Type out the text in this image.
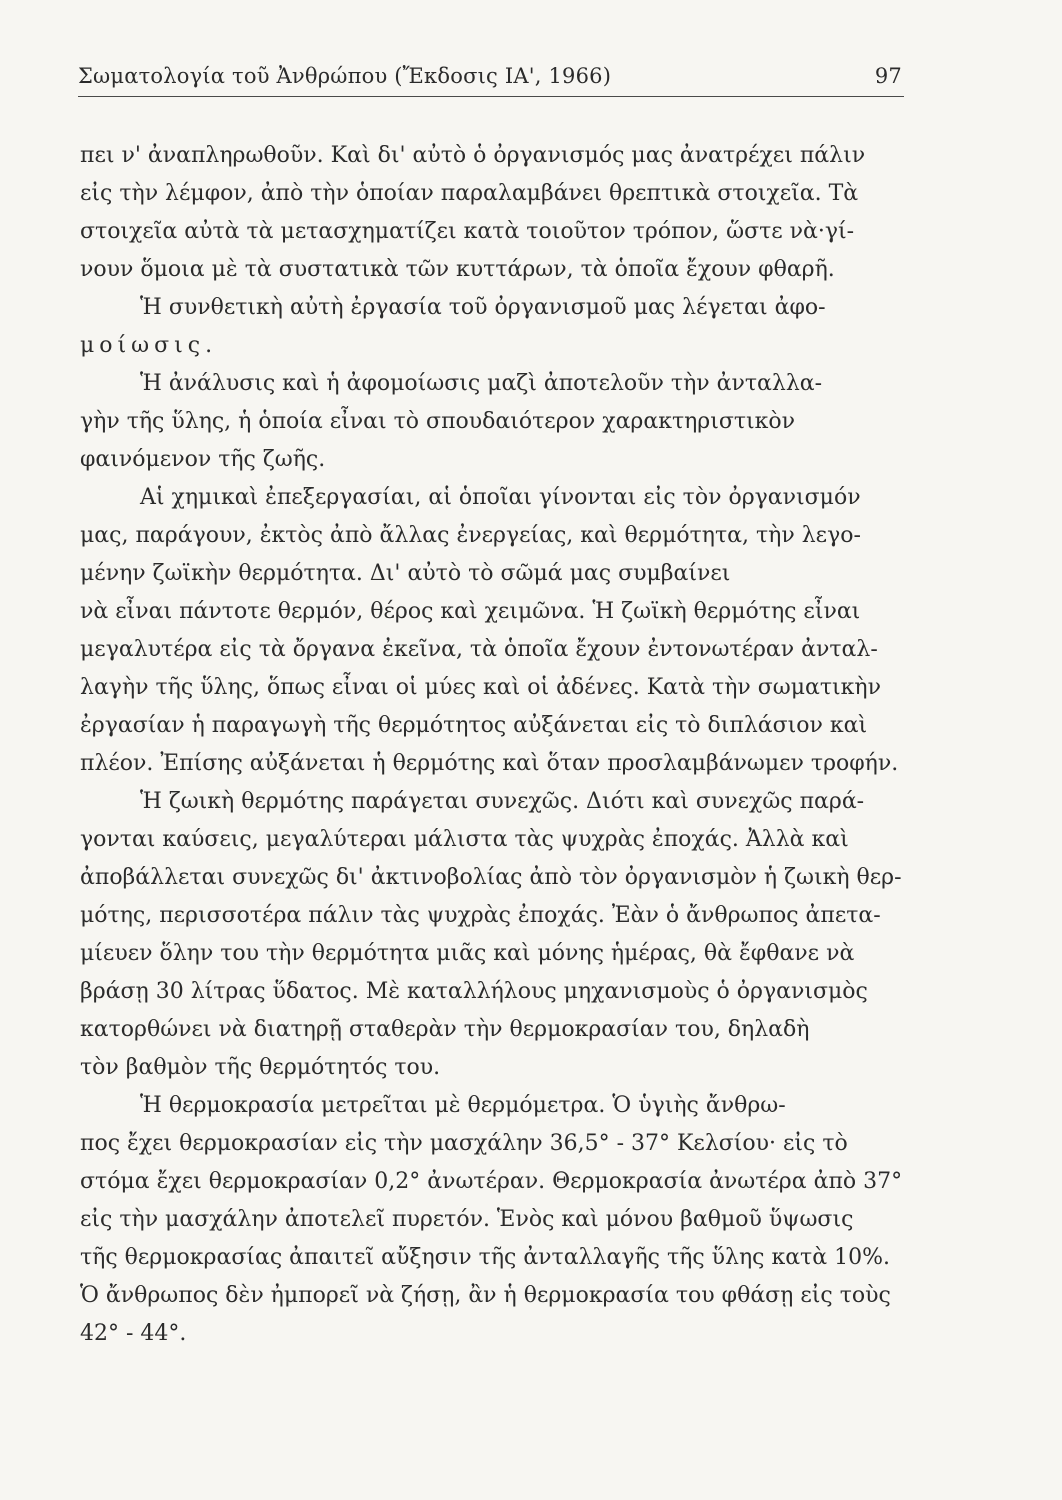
Σωματολογία τοῦ Ἀνθρώπου (Ἔκδοσις ΙΑ', 1966)	97
πει ν' ἀναπληρωθοῦν. Καὶ δι' αὐτὸ ὁ ὀργανισμός μας ἀνατρέχει πάλιν
εἰς τὴν λέμφον, ἀπὸ τὴν ὁποίαν παραλαμβάνει θρεπτικὰ στοιχεῖα. Τὰ
στοιχεῖα αὐτὰ τὰ μετασχηματίζει κατὰ τοιοῦτον τρόπον, ὥστε νὰ·γί-
νουν ὅμοια μὲ τὰ συστατικὰ τῶν κυττάρων, τὰ ὁποῖα ἔχουν φθαρῆ.
Ἡ συνθετικὴ αὐτὴ ἐργασία τοῦ ὀργανισμοῦ μας λέγεται ἀφο-
μοίωσις.
Ἡ ἀνάλυσις καὶ ἡ ἀφομοίωσις μαζὶ ἀποτελοῦν τὴν ἀνταλλα-
γὴν τῆς ὕλης, ἡ ὁποία εἶναι τὸ σπουδαιότερον χαρακτηριστικὸν
φαινόμενον τῆς ζωῆς.
Αἱ χημικαὶ ἐπεξεργασίαι, αἱ ὁποῖαι γίνονται εἰς τὸν ὀργανισμόν
μας, παράγουν, ἐκτὸς ἀπὸ ἄλλας ἐνεργείας, καὶ θερμότητα, τὴν λεγο-
μένην ζωϊκὴν θερμότητα. Δι' αὐτὸ τὸ σῶμά μας συμβαίνει
νὰ εἶναι πάντοτε θερμόν, θέρος καὶ χειμῶνα. Ἡ ζωϊκὴ θερμότης εἶναι
μεγαλυτέρα εἰς τὰ ὄργανα ἐκεῖνα, τὰ ὁποῖα ἔχουν ἐντονωτέραν ἀνταλ-
λαγὴν τῆς ὕλης, ὅπως εἶναι οἱ μύες καὶ οἱ ἀδένες. Κατὰ τὴν σωματικὴν
ἐργασίαν ἡ παραγωγὴ τῆς θερμότητος αὐξάνεται εἰς τὸ διπλάσιον καὶ
πλέον. Ἐπίσης αὐξάνεται ἡ θερμότης καὶ ὅταν προσλαμβάνωμεν τροφήν.
Ἡ ζωικὴ θερμότης παράγεται συνεχῶς. Διότι καὶ συνεχῶς παρά-
γονται καύσεις, μεγαλύτεραι μάλιστα τὰς ψυχρὰς ἐποχάς. Ἀλλὰ καὶ
ἀποβάλλεται συνεχῶς δι' ἀκτινοβολίας ἀπὸ τὸν ὀργανισμὸν ἡ ζωικὴ θερ-
μότης, περισσοτέρα πάλιν τὰς ψυχρὰς ἐποχάς. Ἐὰν ὁ ἄνθρωπος ἀπετα-
μίευεν ὅλην του τὴν θερμότητα μιᾶς καὶ μόνης ἡμέρας, θὰ ἔφθανε νὰ
βράσῃ 30 λίτρας ὕδατος. Μὲ καταλλήλους μηχανισμοὺς ὁ ὀργανισμὸς
κατορθώνει νὰ διατηρῇ σταθερὰν τὴν θερμοκρασίαν του, δηλαδὴ
τὸν βαθμὸν τῆς θερμότητός του.
Ἡ θερμοκρασία μετρεῖται μὲ θερμόμετρα. Ὁ ὑγιὴς ἄνθρω-
πος ἔχει θερμοκρασίαν εἰς τὴν μασχάλην 36,5° - 37° Κελσίου· εἰς τὸ
στόμα ἔχει θερμοκρασίαν 0,2° ἀνωτέραν. Θερμοκρασία ἀνωτέρα ἀπὸ 37°
εἰς τὴν μασχάλην ἀποτελεῖ πυρετόν. Ἑνὸς καὶ μόνου βαθμοῦ ὕψωσις
τῆς θερμοκρασίας ἀπαιτεῖ αὔξησιν τῆς ἀνταλλαγῆς τῆς ὕλης κατὰ 10%.
Ὁ ἄνθρωπος δὲν ἠμπορεῖ νὰ ζήσῃ, ἂν ἡ θερμοκρασία του φθάσῃ εἰς τοὺς
42° - 44°.
